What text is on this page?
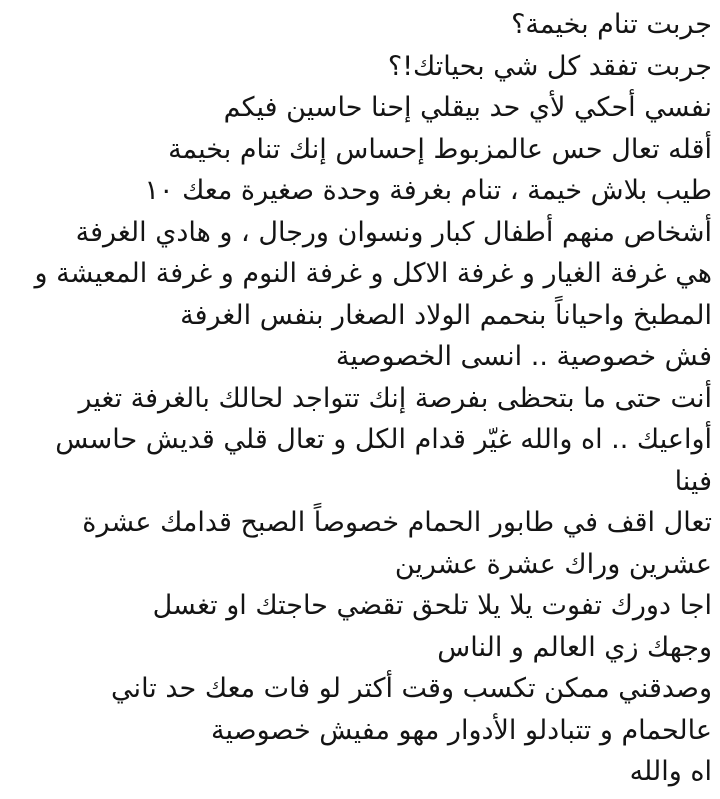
جربت تنام بخيمة؟
جربت تفقد كل شي بحياتك!؟
نفسي أحكي لأي حد بيقلي إحنا حاسين فيكم
أقله تعال حس عالمزبوط إحساس إنك تنام بخيمة
طيب بلاش خيمة ، تنام بغرفة وحدة صغيرة معك ١٠
أشخاص منهم أطفال كبار ونسوان ورجال ، و هادي الغرفة
هي غرفة الغيار و غرفة الاكل و غرفة النوم و غرفة المعيشة و
المطبخ واحياناً بنحمم الولاد الصغار بنفس الغرفة
فش خصوصية .. انسى الخصوصية
أنت حتى ما بتحظى بفرصة إنك تتواجد لحالك بالغرفة تغير
أواعيك .. اه والله غيّر قدام الكل و تعال قلي قديش حاسس
فينا
تعال اقف في طابور الحمام خصوصاً الصبح قدامك عشرة
عشرين وراك عشرة عشرين
اجا دورك تفوت يلا يلا تلحق تقضي حاجتك او تغسل
وجهك زي العالم و الناس
وصدقني ممكن تكسب وقت أكتر لو فات معك حد تاني
عالحمام و تتبادلو الأدوار مهو مفيش خصوصية
اه والله
